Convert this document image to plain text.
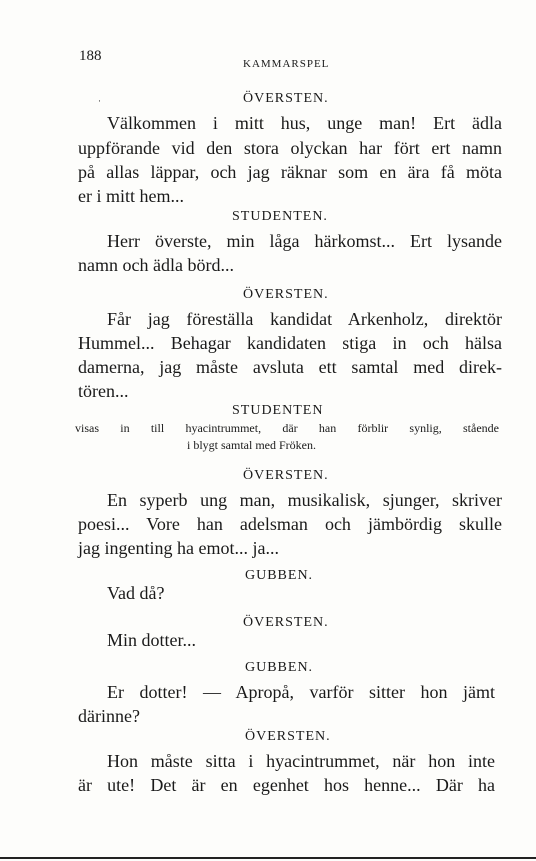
188	KAMMARSPEL
·	ÖVERSTEN.
Välkommen i mitt hus, unge man! Ert ädla
uppförande vid den stora olyckan har fört ert namn
på allas läppar, och jag räknar som en ära få möta
er i mitt hem...
STUDENTEN.
Herr överste, min låga härkomst... Ert lysande
namn och ädla börd...
ÖVERSTEN.
Får jag föreställa kandidat Arkenholz, direktör
Hummel... Behagar kandidaten stiga in och hälsa
damerna, jag måste avsluta ett samtal med direk-
tören...
STUDENTEN
visas in till hyacintrummet, där han förblir synlig, stående
i blygt samtal med Fröken.
ÖVERSTEN.
En syperb ung man, musikalisk, sjunger, skriver
poesi... Vore han adelsman och jämbördig skulle
jag ingenting ha emot... ja...
GUBBEN.
Vad då?
ÖVERSTEN.
Min dotter...
GUBBEN.
Er dotter! — Apropå, varför sitter hon jämt
därinne?
ÖVERSTEN.
Hon måste sitta i hyacintrummet, när hon inte
är ute! Det är en egenhet hos henne... Där ha
